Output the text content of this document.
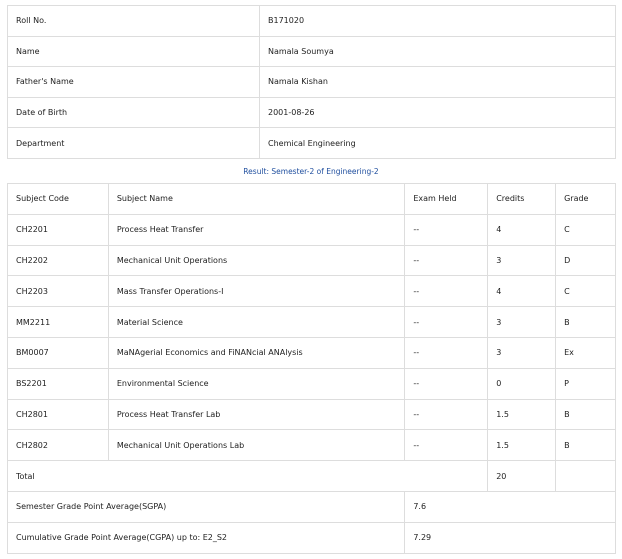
Roll No.	B171020
Name	Namala Soumya
Father's Name	Namala Kishan
Date of Birth	2001-08-26
Department	Chemical Engineering
Result: Semester-2 of Engineering-2
Subject Code	Subject Name	Exam Held	Credits	Grade
CH2201	Process Heat Transfer	--	4	C
CH2202	Mechanical Unit Operations	--	3	D
CH2203	Mass Transfer Operations-I	--	4	C
MM2211	Material Science	--	3	B
BM0007	MaNAgerial Economics and FiNANcial ANAlysis	--	3	Ex
BS2201	Environmental Science	--	0	P
CH2801	Process Heat Transfer Lab	--	1.5	B
CH2802	Mechanical Unit Operations Lab	--	1.5	B
Total			20	
Semester Grade Point Average(SGPA)		7.6		
Cumulative Grade Point Average(CGPA) up to: E2_S2		7.29		
